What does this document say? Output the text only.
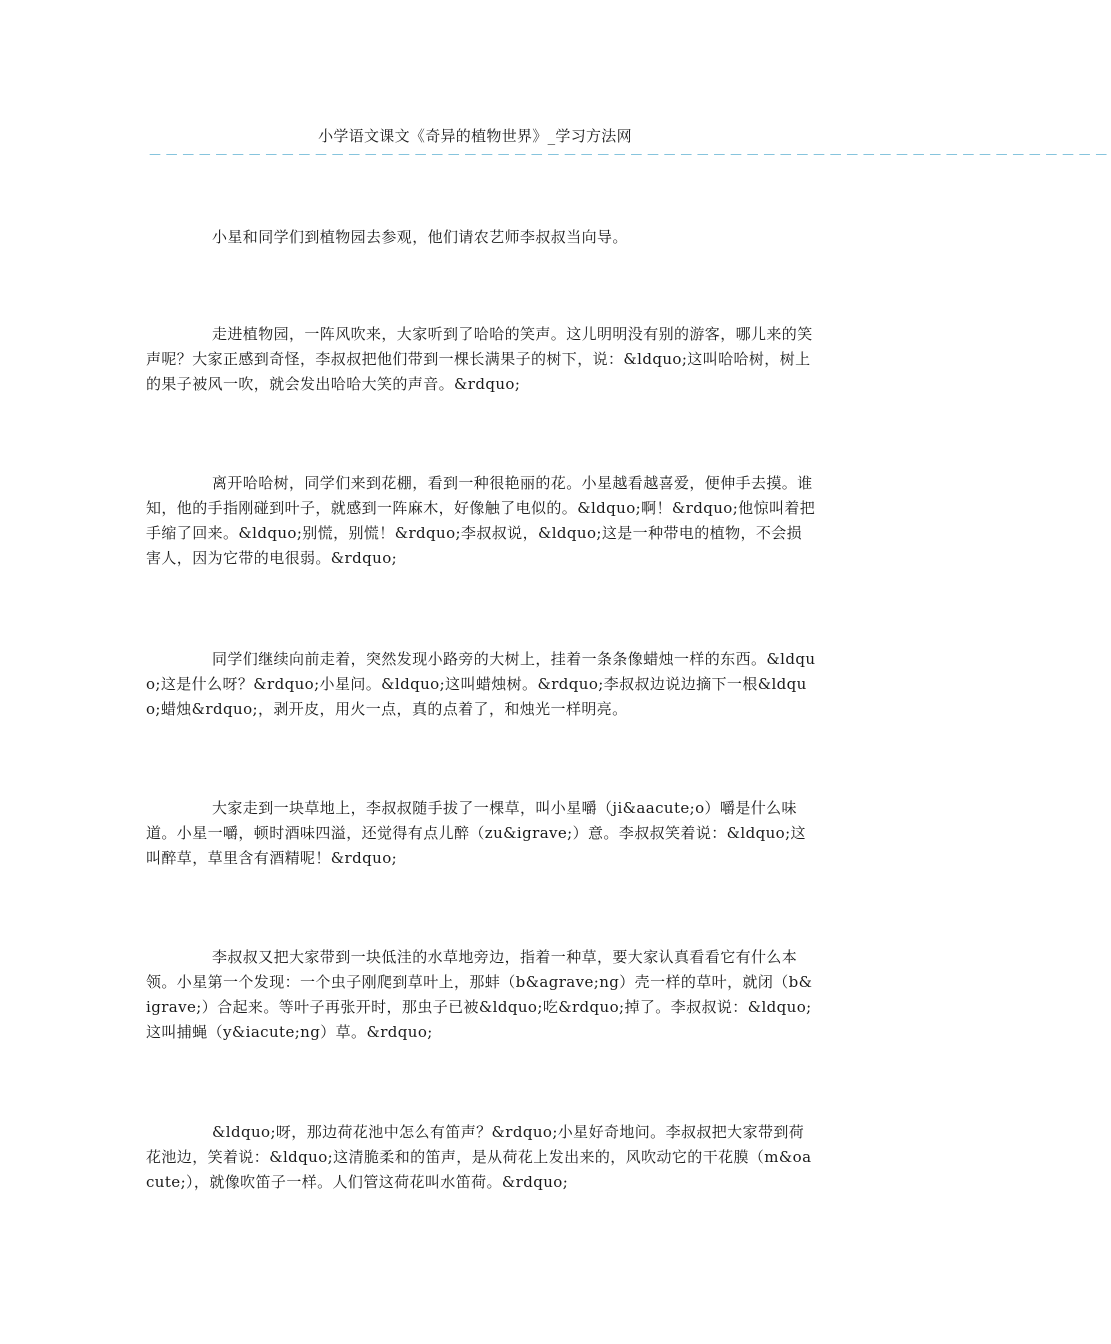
小学语文课文《奇异的植物世界》_学习方法网
－－－－－－－－－－－－－－－－－－－－－－－－－－－－－－－－－－－－－－－－－－－－－－－－－－－－－－－－－－

小星和同学们到植物园去参观，他们请农艺师李叔叔当向导。

走进植物园，一阵风吹来，大家听到了哈哈的笑声。这儿明明没有别的游客，哪儿来的笑声呢？大家正感到奇怪，李叔叔把他们带到一棵长满果子的树下，说：&ldquo;这叫哈哈树，树上的果子被风一吹，就会发出哈哈大笑的声音。&rdquo;

离开哈哈树，同学们来到花棚，看到一种很艳丽的花。小星越看越喜爱，便伸手去摸。谁知，他的手指刚碰到叶子，就感到一阵麻木，好像触了电似的。&ldquo;啊！&rdquo;他惊叫着把手缩了回来。&ldquo;别慌，别慌！&rdquo;李叔叔说，&ldquo;这是一种带电的植物，不会损害人，因为它带的电很弱。&rdquo;

同学们继续向前走着，突然发现小路旁的大树上，挂着一条条像蜡烛一样的东西。&ldquo;这是什么呀？&rdquo;小星问。&ldquo;这叫蜡烛树。&rdquo;李叔叔边说边摘下一根&ldquo;蜡烛&rdquo;，剥开皮，用火一点，真的点着了，和烛光一样明亮。

大家走到一块草地上，李叔叔随手拔了一棵草，叫小星嚼（ji&aacute;o）嚼是什么味道。小星一嚼，顿时酒味四溢，还觉得有点儿醉（zu&igrave;）意。李叔叔笑着说：&ldquo;这叫醉草，草里含有酒精呢！&rdquo;

李叔叔又把大家带到一块低洼的水草地旁边，指着一种草，要大家认真看看它有什么本领。小星第一个发现：一个虫子刚爬到草叶上，那蚌（b&agrave;ng）壳一样的草叶，就闭（b&igrave;）合起来。等叶子再张开时，那虫子已被&ldquo;吃&rdquo;掉了。李叔叔说：&ldquo;这叫捕蝇（y&iacute;ng）草。&rdquo;

&ldquo;呀，那边荷花池中怎么有笛声？&rdquo;小星好奇地问。李叔叔把大家带到荷花池边，笑着说：&ldquo;这清脆柔和的笛声，是从荷花上发出来的，风吹动它的干花膜（m&oacute;），就像吹笛子一样。人们管这荷花叫水笛荷。&rdquo;
